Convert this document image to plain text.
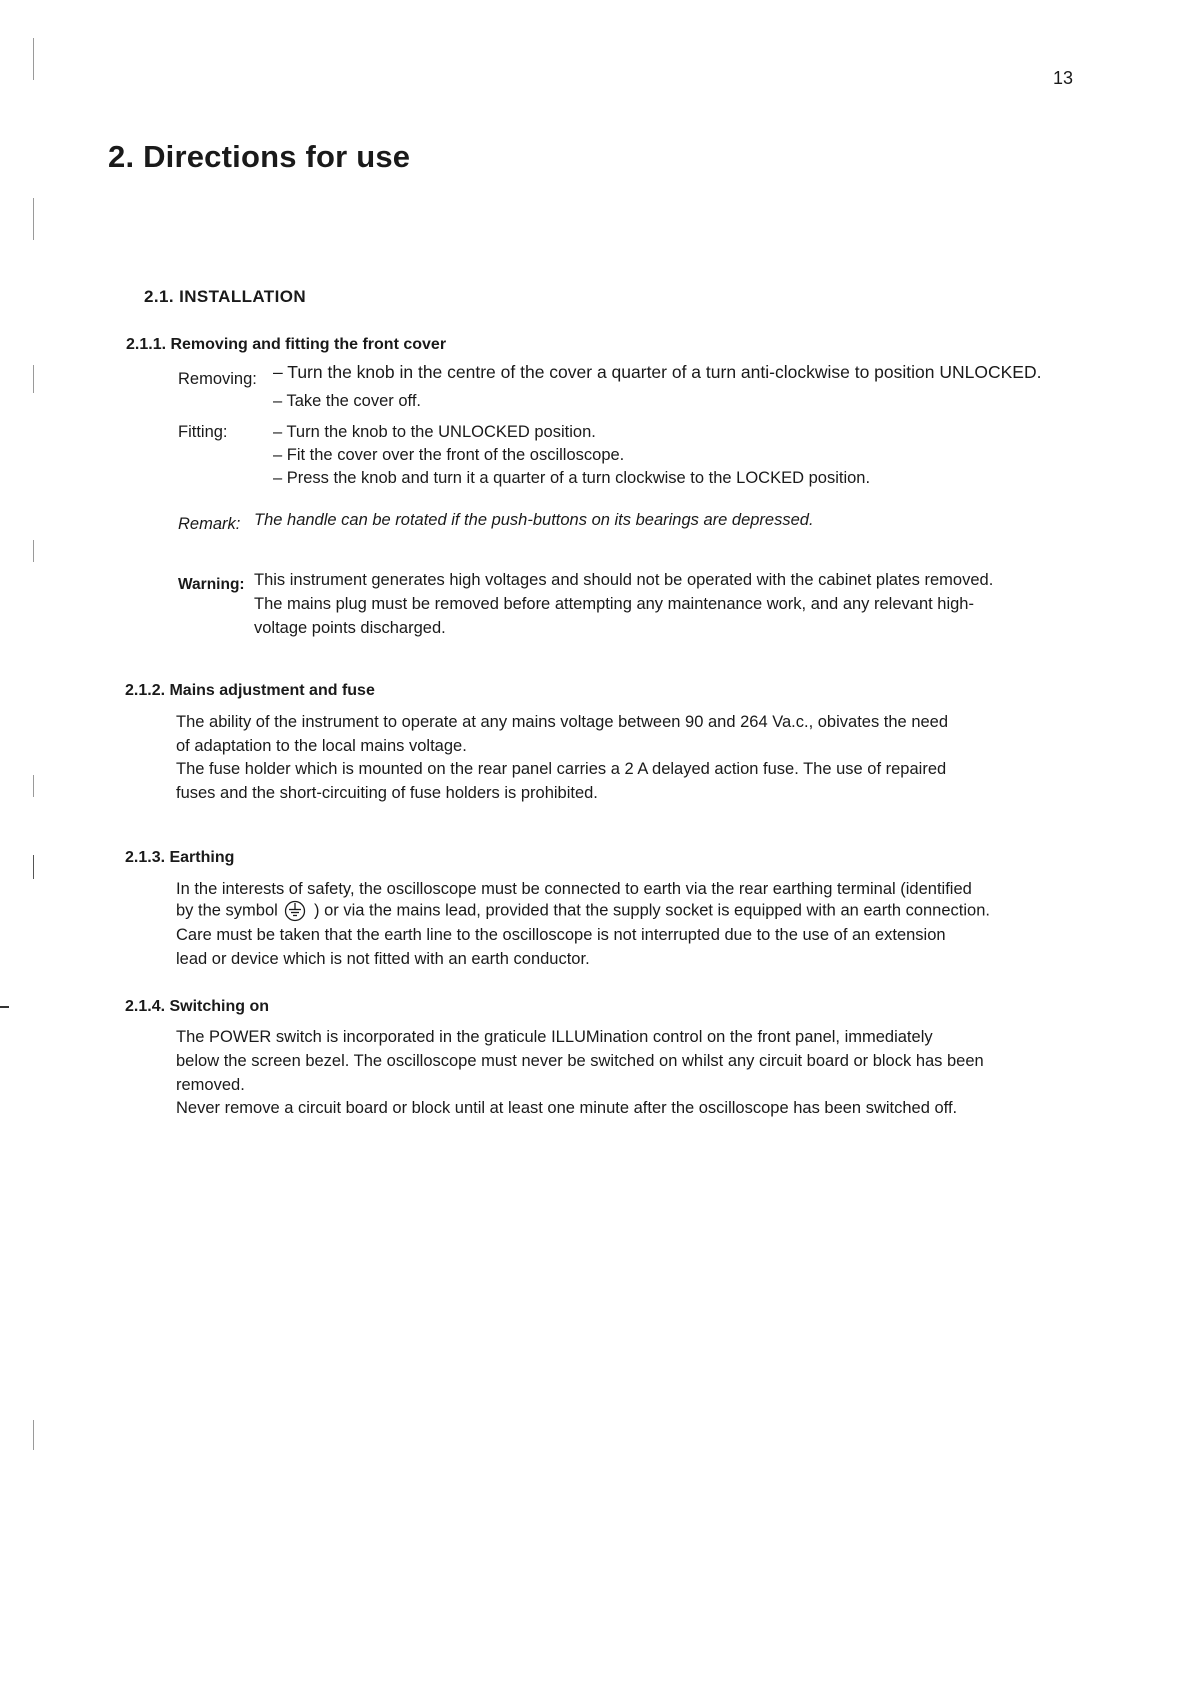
13
2. Directions for use
2.1. INSTALLATION
2.1.1. Removing and fitting the front cover
Removing: – Turn the knob in the centre of the cover a quarter of a turn anti-clockwise to position UNLOCKED.
– Take the cover off.
Fitting:	– Turn the knob to the UNLOCKED position.
– Fit the cover over the front of the oscilloscope.
– Press the knob and turn it a quarter of a turn clockwise to the LOCKED position.
Remark: The handle can be rotated if the push-buttons on its bearings are depressed.
Warning: This instrument generates high voltages and should not be operated with the cabinet plates removed.
The mains plug must be removed before attempting any maintenance work, and any relevant high-
voltage points discharged.
2.1.2. Mains adjustment and fuse
The ability of the instrument to operate at any mains voltage between 90 and 264 Va.c., obivates the need
of adaptation to the local mains voltage.
The fuse holder which is mounted on the rear panel carries a 2 A delayed action fuse. The use of repaired
fuses and the short-circuiting of fuse holders is prohibited.
2.1.3. Earthing
In the interests of safety, the oscilloscope must be connected to earth via the rear earthing terminal (identified
by the symbol ) or via the mains lead, provided that the supply socket is equipped with an earth connection.
Care must be taken that the earth line to the oscilloscope is not interrupted due to the use of an extension
lead or device which is not fitted with an earth conductor.
2.1.4. Switching on
The POWER switch is incorporated in the graticule ILLUMination control on the front panel, immediately
below the screen bezel. The oscilloscope must never be switched on whilst any circuit board or block has been
removed.
Never remove a circuit board or block until at least one minute after the oscilloscope has been switched off.
